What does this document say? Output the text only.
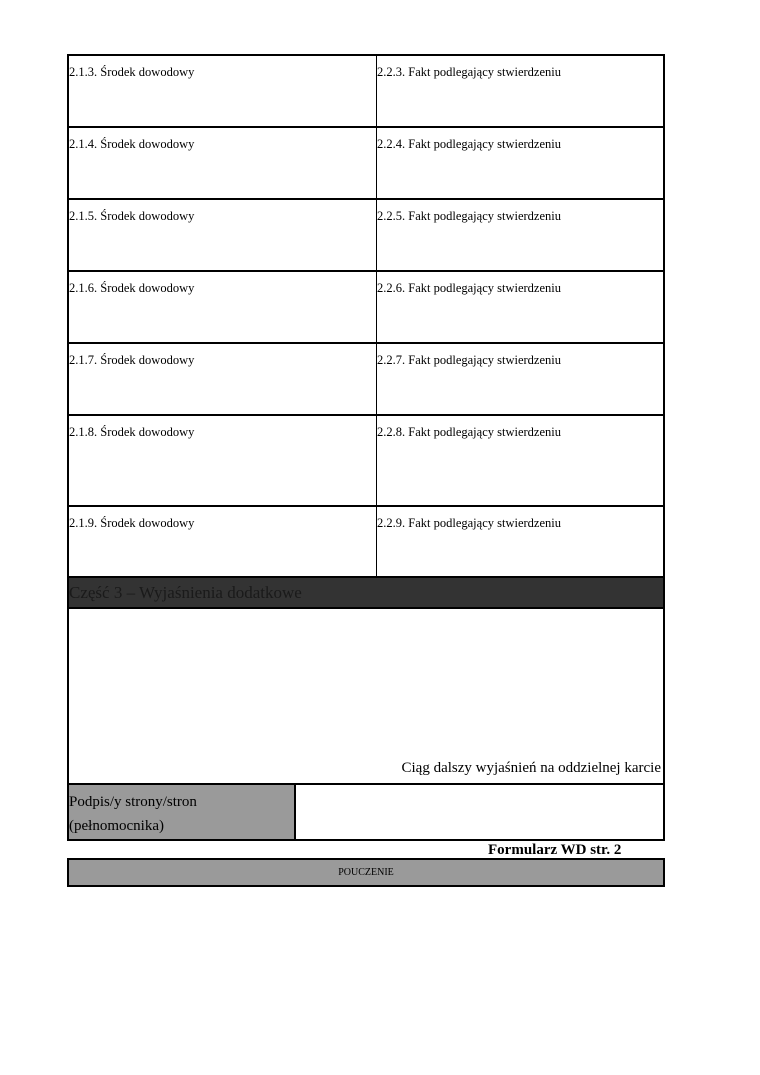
2.1.3. Środek dowodowy	2.2.3. Fakt podlegający stwierdzeniu
2.1.4. Środek dowodowy	2.2.4. Fakt podlegający stwierdzeniu
2.1.5. Środek dowodowy	2.2.5. Fakt podlegający stwierdzeniu
2.1.6. Środek dowodowy	2.2.6. Fakt podlegający stwierdzeniu
2.1.7. Środek dowodowy	2.2.7. Fakt podlegający stwierdzeniu
2.1.8. Środek dowodowy	2.2.8. Fakt podlegający stwierdzeniu
2.1.9. Środek dowodowy	2.2.9. Fakt podlegający stwierdzeniu
Część 3 – Wyjaśnienia dodatkowe
Ciąg dalszy wyjaśnień na oddzielnej karcie
Podpis/y strony/stron
(pełnomocnika)
Formularz WD str. 2
POUCZENIE
